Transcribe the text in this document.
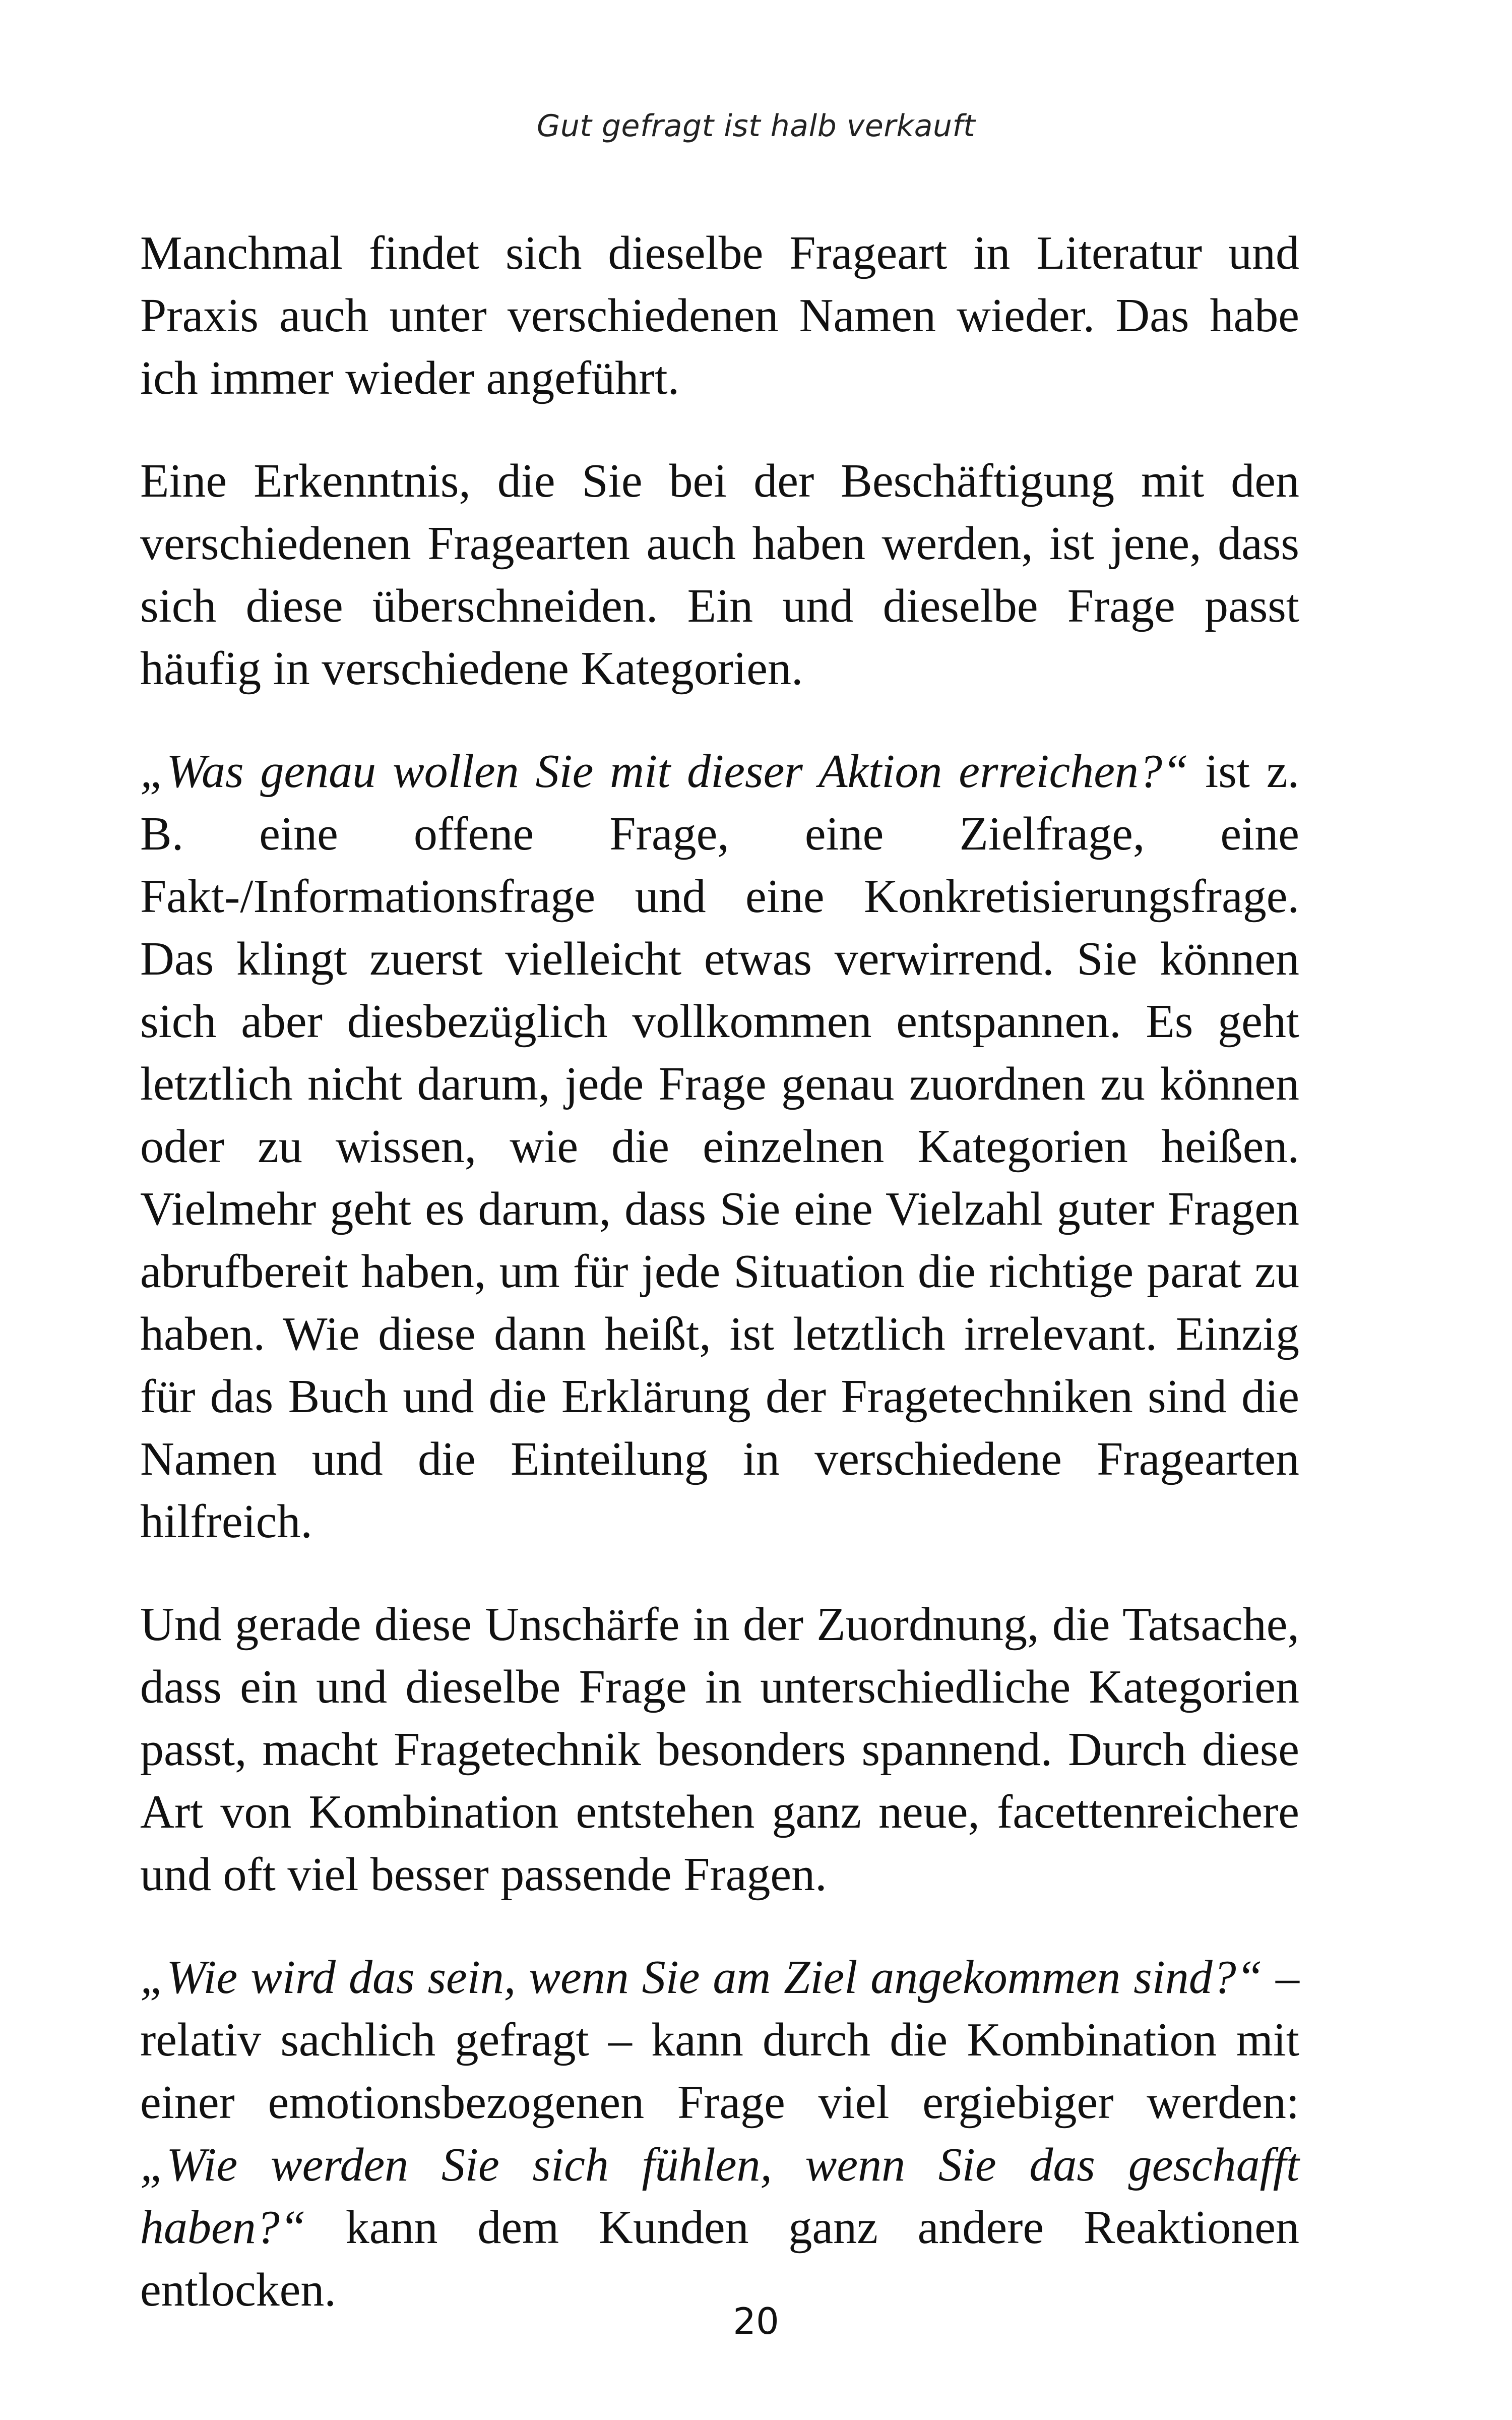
Gut gefragt ist halb verkauft

Manchmal findet sich dieselbe Frageart in Literatur und Praxis auch unter verschiedenen Namen wieder. Das habe ich immer wieder angeführt.

Eine Erkenntnis, die Sie bei der Beschäftigung mit den verschiedenen Fragearten auch haben werden, ist jene, dass sich diese überschneiden. Ein und dieselbe Frage passt häufig in verschiedene Kategorien.

„Was genau wollen Sie mit dieser Aktion erreichen?“ ist z. B. eine offene Frage, eine Zielfrage, eine Fakt-/Informationsfrage und eine Konkretisierungsfrage. Das klingt zuerst vielleicht etwas verwirrend. Sie können sich aber diesbezüglich vollkommen entspannen. Es geht letztlich nicht darum, jede Frage genau zuordnen zu können oder zu wissen, wie die einzelnen Kategorien heißen. Vielmehr geht es darum, dass Sie eine Vielzahl guter Fragen abrufbereit haben, um für jede Situation die richtige parat zu haben. Wie diese dann heißt, ist letztlich irrelevant. Einzig für das Buch und die Erklärung der Fragetechniken sind die Namen und die Einteilung in verschiedene Fragearten hilfreich.

Und gerade diese Unschärfe in der Zuordnung, die Tatsache, dass ein und dieselbe Frage in unterschiedliche Kategorien passt, macht Fragetechnik besonders spannend. Durch diese Art von Kombination entstehen ganz neue, facettenreichere und oft viel besser passende Fragen.

„Wie wird das sein, wenn Sie am Ziel angekommen sind?“ – relativ sachlich gefragt – kann durch die Kombination mit einer emotionsbezogenen Frage viel ergiebiger werden: „Wie werden Sie sich fühlen, wenn Sie das geschafft haben?“ kann dem Kunden ganz andere Reaktionen entlocken.

20
